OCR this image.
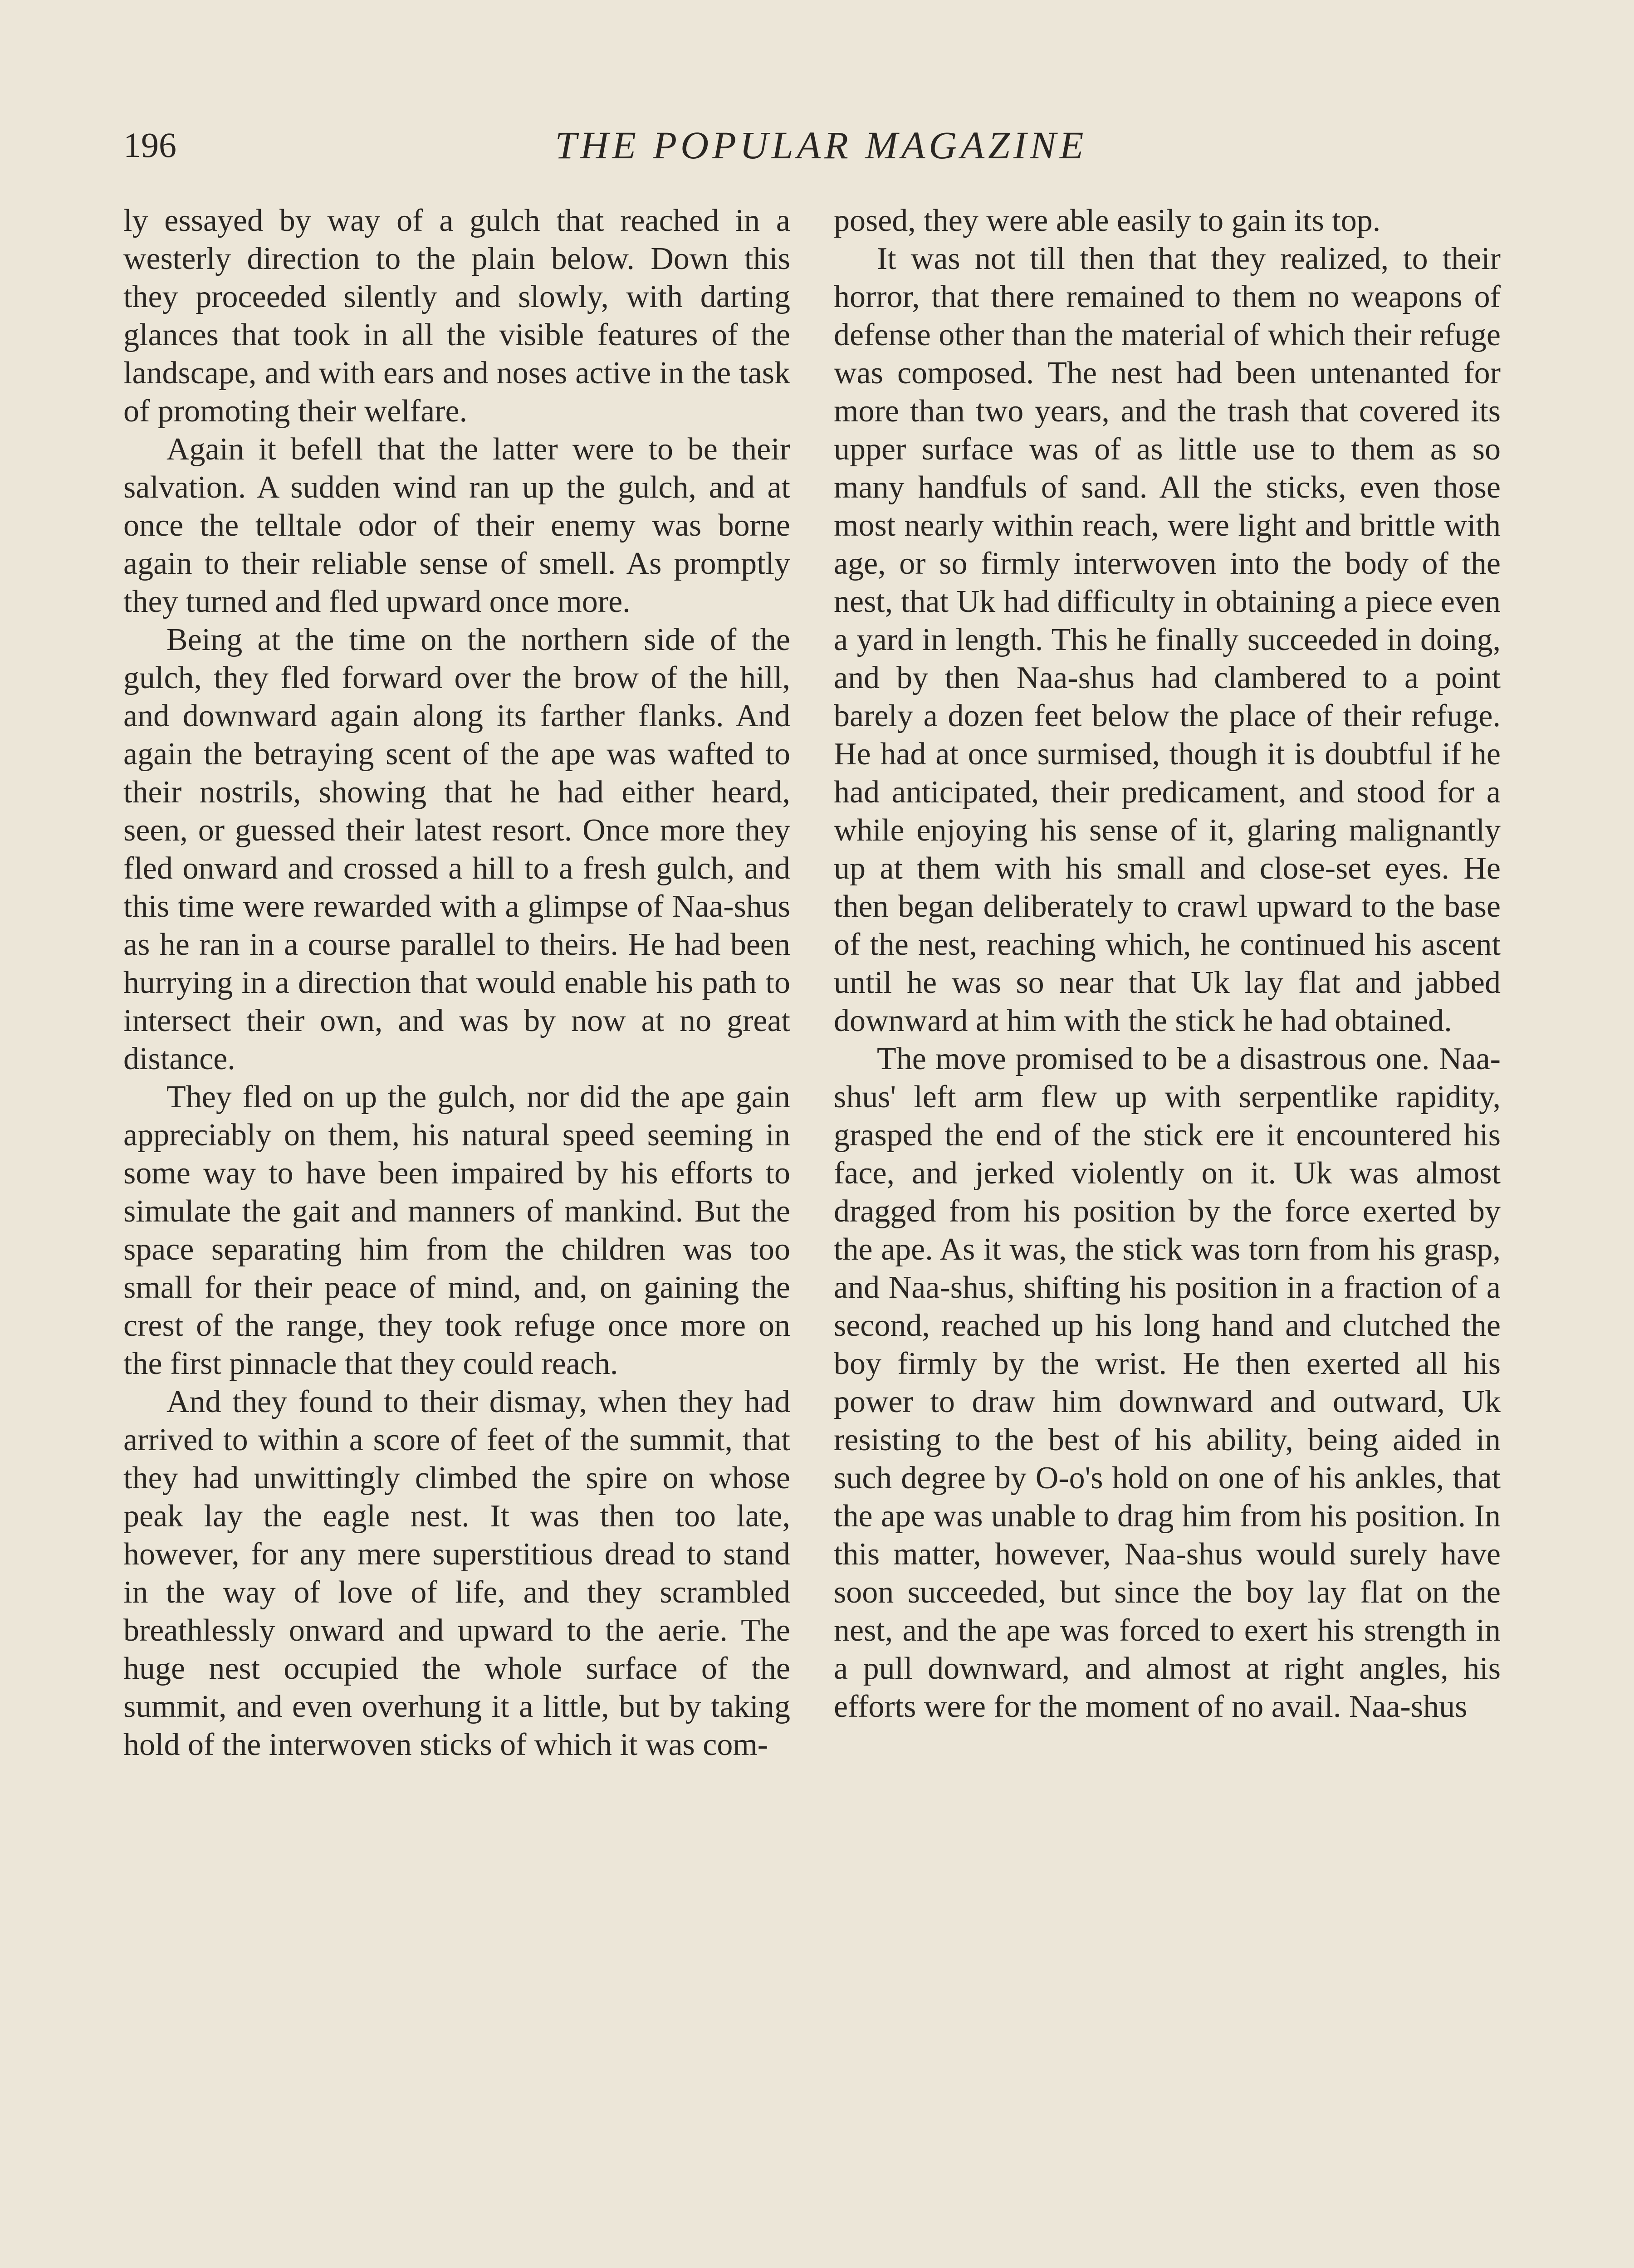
196	THE POPULAR MAGAZINE

ly essayed by way of a gulch that reached in a westerly direction to the plain below. Down this they proceeded silently and slowly, with darting glances that took in all the visible features of the landscape, and with ears and noses active in the task of promoting their welfare.

Again it befell that the latter were to be their salvation. A sudden wind ran up the gulch, and at once the telltale odor of their enemy was borne again to their reliable sense of smell. As promptly they turned and fled upward once more.

Being at the time on the northern side of the gulch, they fled forward over the brow of the hill, and downward again along its farther flanks. And again the betraying scent of the ape was wafted to their nostrils, showing that he had either heard, seen, or guessed their latest resort. Once more they fled onward and crossed a hill to a fresh gulch, and this time were rewarded with a glimpse of Naa-shus as he ran in a course parallel to theirs. He had been hurrying in a direction that would enable his path to intersect their own, and was by now at no great distance.

They fled on up the gulch, nor did the ape gain appreciably on them, his natural speed seeming in some way to have been impaired by his efforts to simulate the gait and manners of mankind. But the space separating him from the children was too small for their peace of mind, and, on gaining the crest of the range, they took refuge once more on the first pinnacle that they could reach.

And they found to their dismay, when they had arrived to within a score of feet of the summit, that they had unwittingly climbed the spire on whose peak lay the eagle nest. It was then too late, however, for any mere superstitious dread to stand in the way of love of life, and they scrambled breathlessly onward and upward to the aerie. The huge nest occupied the whole surface of the summit, and even overhung it a little, but by taking hold of the interwoven sticks of which it was com-

posed, they were able easily to gain its top.

It was not till then that they realized, to their horror, that there remained to them no weapons of defense other than the material of which their refuge was composed. The nest had been untenanted for more than two years, and the trash that covered its upper surface was of as little use to them as so many handfuls of sand. All the sticks, even those most nearly within reach, were light and brittle with age, or so firmly interwoven into the body of the nest, that Uk had difficulty in obtaining a piece even a yard in length. This he finally succeeded in doing, and by then Naa-shus had clambered to a point barely a dozen feet below the place of their refuge. He had at once surmised, though it is doubtful if he had anticipated, their predicament, and stood for a while enjoying his sense of it, glaring malignantly up at them with his small and close-set eyes. He then began deliberately to crawl upward to the base of the nest, reaching which, he continued his ascent until he was so near that Uk lay flat and jabbed downward at him with the stick he had obtained.

The move promised to be a disastrous one. Naa-shus' left arm flew up with serpentlike rapidity, grasped the end of the stick ere it encountered his face, and jerked violently on it. Uk was almost dragged from his position by the force exerted by the ape. As it was, the stick was torn from his grasp, and Naa-shus, shifting his position in a fraction of a second, reached up his long hand and clutched the boy firmly by the wrist. He then exerted all his power to draw him downward and outward, Uk resisting to the best of his ability, being aided in such degree by O-o's hold on one of his ankles, that the ape was unable to drag him from his position. In this matter, however, Naa-shus would surely have soon succeeded, but since the boy lay flat on the nest, and the ape was forced to exert his strength in a pull downward, and almost at right angles, his efforts were for the moment of no avail. Naa-shus
